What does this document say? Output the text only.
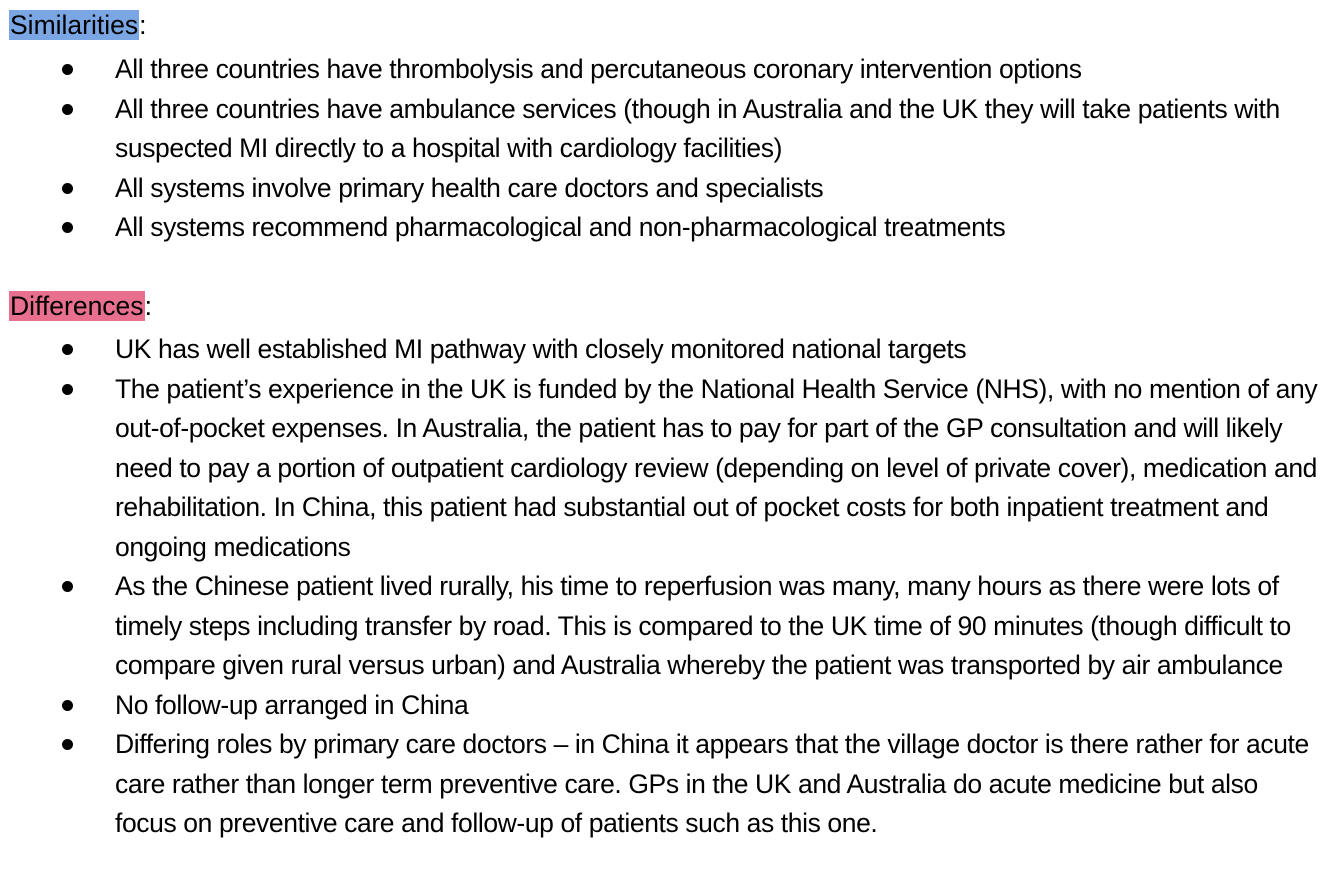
Similarities:
All three countries have thrombolysis and percutaneous coronary intervention options
All three countries have ambulance services (though in Australia and the UK they will take patients with suspected MI directly to a hospital with cardiology facilities)
All systems involve primary health care doctors and specialists
All systems recommend pharmacological and non-pharmacological treatments
Differences:
UK has well established MI pathway with closely monitored national targets
The patient’s experience in the UK is funded by the National Health Service (NHS), with no mention of any out-of-pocket expenses. In Australia, the patient has to pay for part of the GP consultation and will likely need to pay a portion of outpatient cardiology review (depending on level of private cover), medication and rehabilitation. In China, this patient had substantial out of pocket costs for both inpatient treatment and ongoing medications
As the Chinese patient lived rurally, his time to reperfusion was many, many hours as there were lots of timely steps including transfer by road. This is compared to the UK time of 90 minutes (though difficult to compare given rural versus urban) and Australia whereby the patient was transported by air ambulance
No follow-up arranged in China
Differing roles by primary care doctors – in China it appears that the village doctor is there rather for acute care rather than longer term preventive care. GPs in the UK and Australia do acute medicine but also focus on preventive care and follow-up of patients such as this one.
